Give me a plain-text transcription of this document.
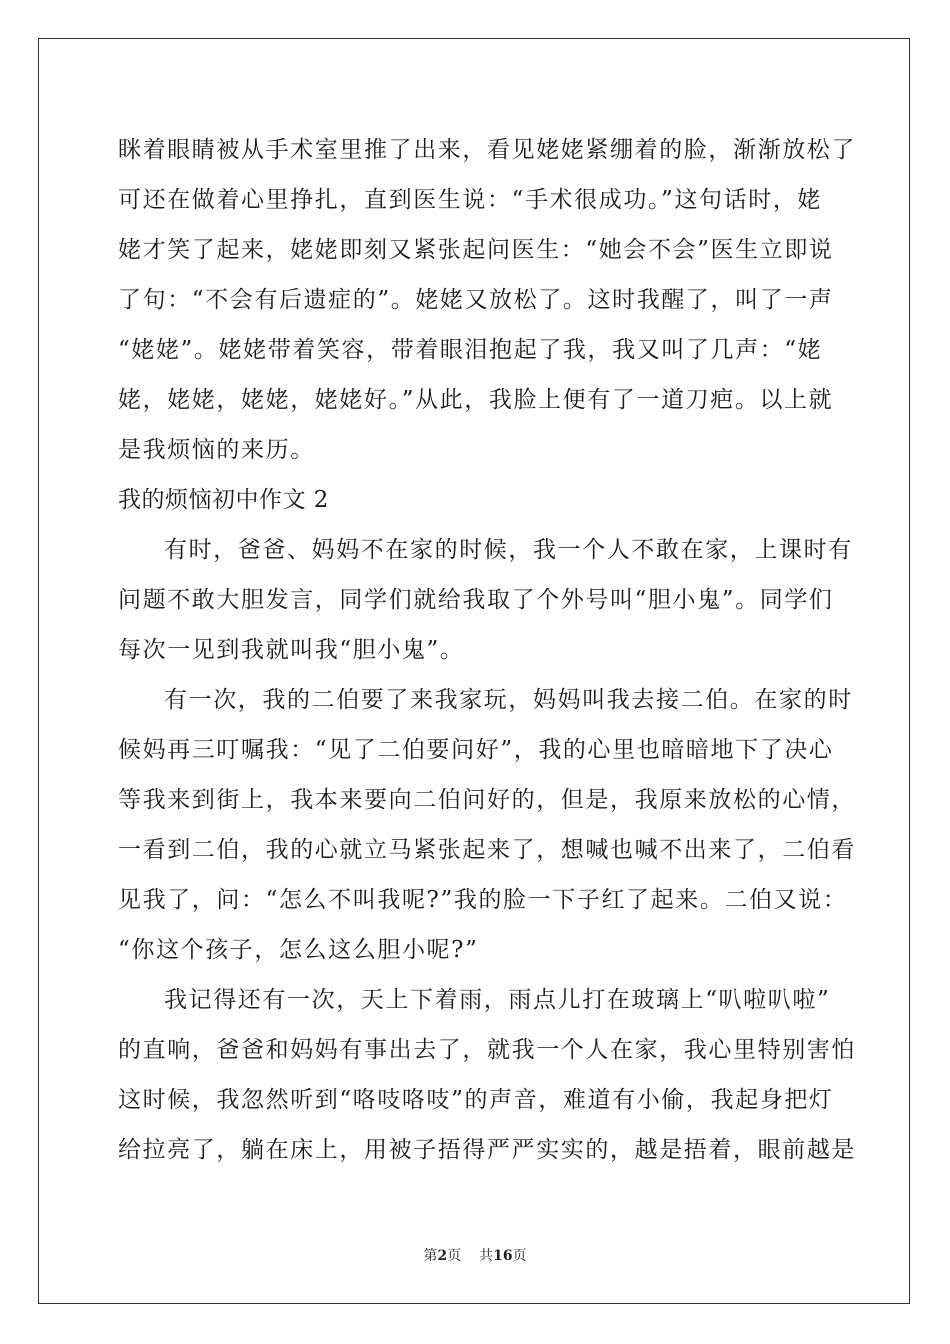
眯着眼睛被从手术室里推了出来，看见姥姥紧绷着的脸，渐渐放松了
可还在做着心里挣扎，直到医生说：“手术很成功。”这句话时，姥
姥才笑了起来，姥姥即刻又紧张起问医生：“她会不会”医生立即说
了句：“不会有后遗症的”。姥姥又放松了。这时我醒了，叫了一声
“姥姥”。姥姥带着笑容，带着眼泪抱起了我，我又叫了几声：“姥
姥，姥姥，姥姥，姥姥好。”从此，我脸上便有了一道刀疤。以上就
是我烦恼的来历。
我的烦恼初中作文 2
有时，爸爸、妈妈不在家的时候，我一个人不敢在家，上课时有
问题不敢大胆发言，同学们就给我取了个外号叫“胆小鬼”。同学们
每次一见到我就叫我“胆小鬼”。
有一次，我的二伯要了来我家玩，妈妈叫我去接二伯。在家的时
候妈再三叮嘱我：“见了二伯要问好”，我的心里也暗暗地下了决心
等我来到街上，我本来要向二伯问好的，但是，我原来放松的心情，
一看到二伯，我的心就立马紧张起来了，想喊也喊不出来了，二伯看
见我了，问：“怎么不叫我呢?”我的脸一下子红了起来。二伯又说：
“你这个孩子，怎么这么胆小呢?”
我记得还有一次，天上下着雨，雨点儿打在玻璃上“叭啦叭啦”
的直响，爸爸和妈妈有事出去了，就我一个人在家，我心里特别害怕
这时候，我忽然听到“咯吱咯吱”的声音，难道有小偷，我起身把灯
给拉亮了，躺在床上，用被子捂得严严实实的，越是捂着，眼前越是
第2页 共16页
